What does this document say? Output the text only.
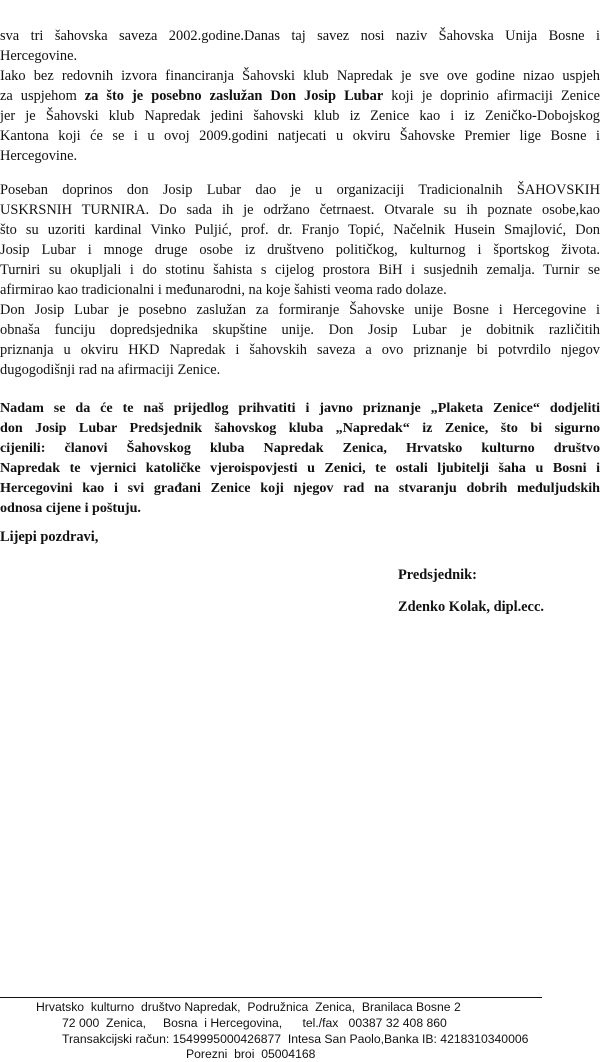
sva tri šahovska saveza 2002.godine.Danas taj savez nosi naziv Šahovska Unija Bosne i
Hercegovine.
Iako bez redovnih izvora financiranja Šahovski klub Napredak je sve ove godine nizao uspjeh
za uspjehom za što je posebno zaslužan Don Josip Lubar koji je doprinio afirmaciji Zenice
jer je Šahovski klub Napredak jedini šahovski klub iz Zenice kao i iz Zeničko-Dobojskog
Kantona koji će se i u ovoj 2009.godini natjecati u okviru Šahovske Premier lige Bosne i
Hercegovine.
Poseban doprinos don Josip Lubar dao je u organizaciji Tradicionalnih ŠAHOVSKIH
USKRSNIH TURNIRA. Do sada ih je održano četrnaest. Otvarale su ih poznate osobe,kao
što su uzoriti kardinal Vinko Puljić, prof. dr. Franjo Topić, Načelnik Husein Smajlović, Don
Josip Lubar i mnoge druge osobe iz društveno političkog, kulturnog i športskog života.
Turniri su okupljali i do stotinu šahista s cijelog prostora BiH i susjednih zemalja. Turnir se
afirmirao kao tradicionalni i međunarodni, na koje šahisti veoma rado dolaze.
Don Josip Lubar je posebno zaslužan za formiranje Šahovske unije Bosne i Hercegovine i
obnaša funciju dopredsjednika skupštine unije. Don Josip Lubar je dobitnik različitih
priznanja u okviru HKD Napredak i šahovskih saveza a ovo priznanje bi potvrdilo njegov
dugogodišnji rad na afirmaciji Zenice.
Nadam se da će te naš prijedlog prihvatiti i javno priznanje „Plaketa Zenice“ dodjeliti
don Josip Lubar Predsjednik šahovskog kluba „Napredak“ iz Zenice, što bi sigurno
cijenili: članovi Šahovskog kluba Napredak Zenica, Hrvatsko kulturno društvo
Napredak te vjernici katoličke vjeroispovjesti u Zenici, te ostali ljubitelji šaha u Bosni i
Hercegovini kao i svi građani Zenice koji njegov rad na stvaranju dobrih međuljudskih
odnosa cijene i poštuju.
Lijepi pozdravi,
Predsjednik:
Zdenko Kolak, dipl.ecc.
Hrvatsko  kulturno  društvo Napredak,  Podružnica  Zenica,  Branilaca Bosne 2
72 000  Zenica,     Bosna  i Hercegovina,      tel./fax   00387 32 408 860
Transakcijski račun: 1549995000426877  Intesa San Paolo,Banka IB: 4218310340006
Porezni  broi  05004168
